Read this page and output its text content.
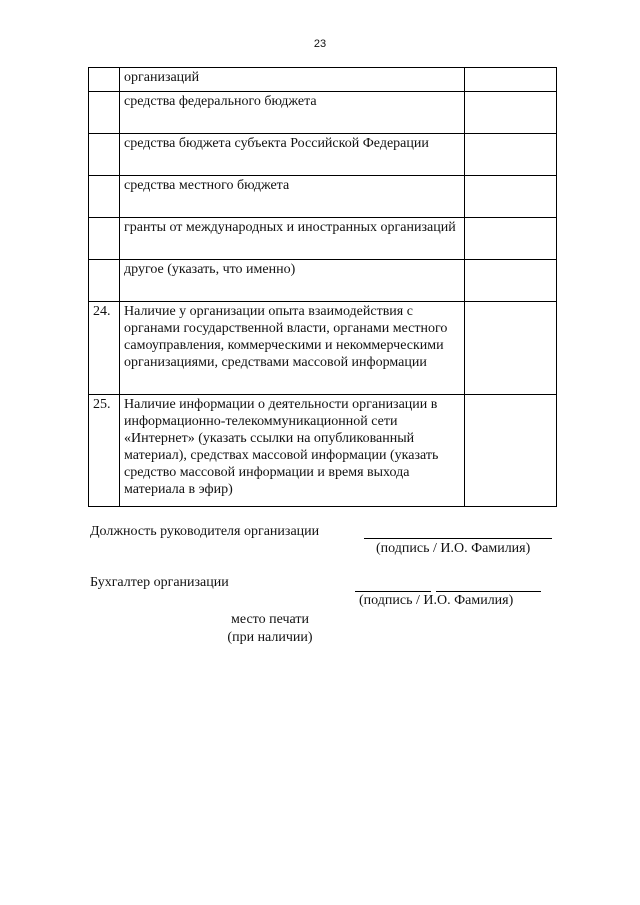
23
	организаций	
	средства федерального бюджета	
	средства бюджета субъекта Российской Федерации	
	средства местного бюджета	
	гранты от международных и иностранных организаций	
	другое (указать, что именно)	
24.	Наличие у организации опыта взаимодействия с органами государственной власти, органами местного самоуправления, коммерческими и некоммерческими организациями, средствами массовой информации	
25.	Наличие информации о деятельности организации в информационно-телекоммуникационной сети «Интернет» (указать ссылки на опубликованный материал), средствах массовой информации (указать средство массовой информации и время выхода материала в эфир)	
Должность руководителя организации
(подпись / И.О. Фамилия)
Бухгалтер организации
(подпись / И.О. Фамилия)
место печати
(при наличии)
